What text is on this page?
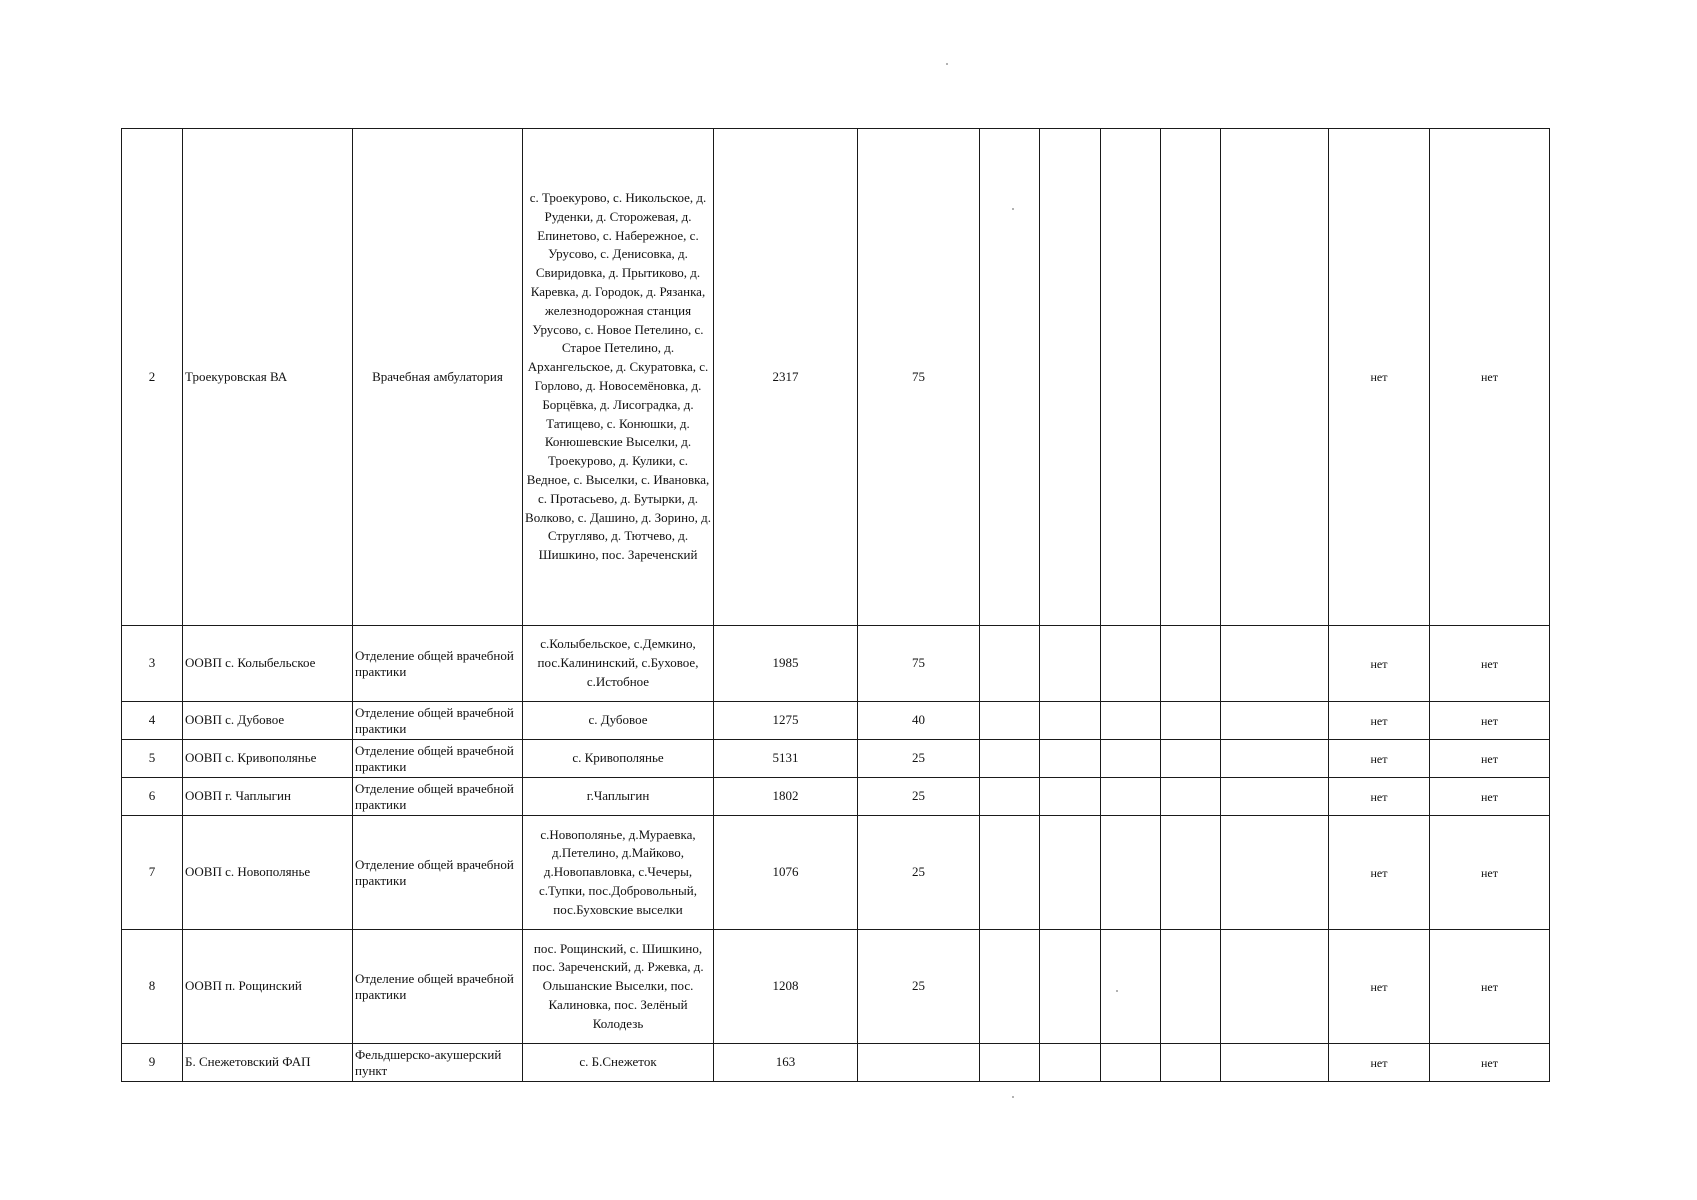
2	Троекуровская ВА	Врачебная амбулатория	с. Троекурово, с. Никольское, д. Руденки, д. Сторожевая, д. Епинетово, с. Набережное, с. Урусово, с. Денисовка, д. Свиридовка, д. Прытиково, д. Каревка, д. Городок, д. Рязанка, железнодорожная станция Урусово, с. Новое Петелино, с. Старое Петелино, д. Архангельское, д. Скуратовка, с. Горлово, д. Новосемёновка, д. Борцёвка, д. Лисоградка, д. Татищево, с. Конюшки, д. Конюшевские Выселки, д. Троекурово, д. Кулики, с. Ведное, с. Выселки, с. Ивановка, с. Протасьево, д. Бутырки, д. Волково, с. Дашино, д. Зорино, д. Стругляво, д. Тютчево, д. Шишкино, пос. Зареченский	2317	75						нет	нет
3	ООВП с. Колыбельское	Отделение общей врачебной практики	с.Колыбельское, с.Демкино, пос.Калининский, с.Буховое, с.Истобное	1985	75						нет	нет
4	ООВП с. Дубовое	Отделение общей врачебной практики	с. Дубовое	1275	40						нет	нет
5	ООВП с. Кривополянье	Отделение общей врачебной практики	с. Кривополянье	5131	25						нет	нет
6	ООВП г. Чаплыгин	Отделение общей врачебной практики	г.Чаплыгин	1802	25						нет	нет
7	ООВП с. Новополянье	Отделение общей врачебной практики	с.Новополянье, д.Мураевка, д.Петелино, д.Майково, д.Новопавловка, с.Чечеры, с.Тупки, пос.Добровольный, пос.Буховские выселки	1076	25						нет	нет
8	ООВП п. Рощинский	Отделение общей врачебной практики	пос. Рощинский, с. Шишкино, пос. Зареченский, д. Ржевка, д. Ольшанские Выселки, пос. Калиновка, пос. Зелёный Колодезь	1208	25						нет	нет
9	Б. Снежетовский ФАП	Фельдшерско-акушерский пункт	с. Б.Снежеток	163							нет	нет
